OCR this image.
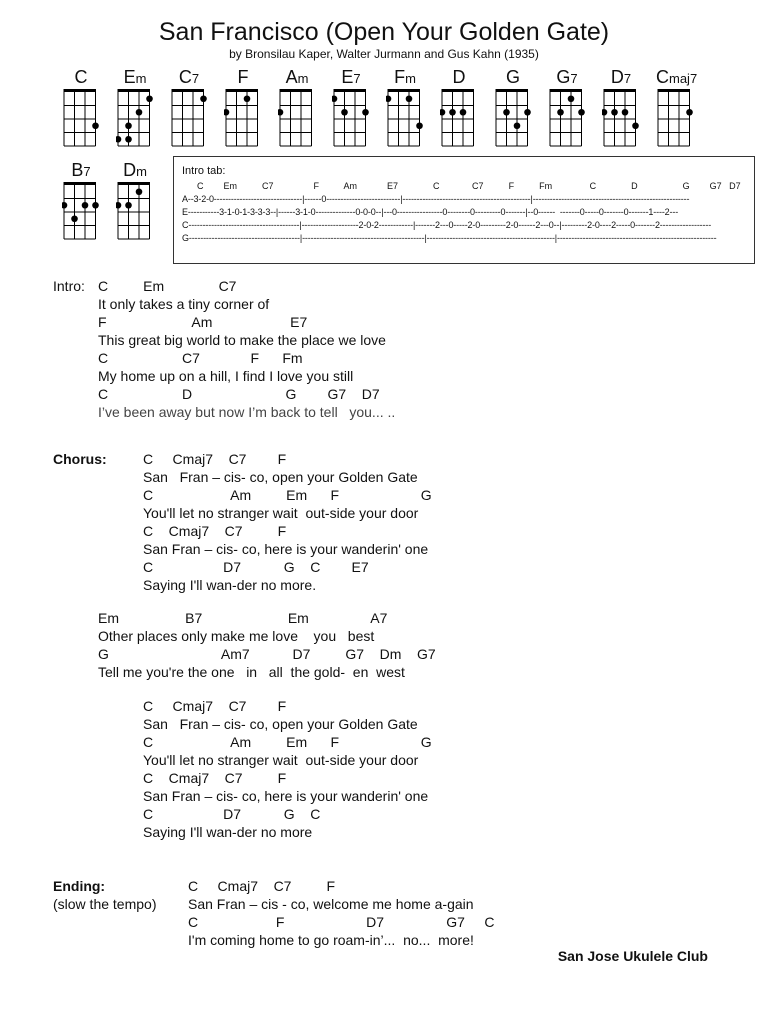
San Francisco (Open Your Golden Gate)
by Bronsilau Kaper, Walter Jurmann and Gus Kahn (1935)
C	Em	C7	F	Am	E7	Fm	D	G	G7	D7	Cmaj7
B7	Dm	Intro tab:
C        Em          C7                F          Am            E7              C             C7          F          Fm               C              D                  G        G7   D7
A--3-2-0-------------------------------|------0--------------------------|---------------------------------------------|-------------------------------------------------------
E-----------3-1-0-1-3-3-3--|------3-1-0--------------0-0-0--|---0----------------0--------0---------0-------|--0------  -------0-----0-------0-------1----2---
C---------------------------------------|--------------------2-0-2------------|-------2---0-----2-0---------2-0------2---0--|---------2-0----2-----0-------2------------------
G---------------------------------------|-------------------------------------------|---------------------------------------------|--------------------------------------------------------
Intro: C         Em              C7
It only takes a tiny corner of
F                      Am                    E7
This great big world to make the place we love
C                   C7             F      Fm
My home up on a hill, I find I love you still
C                   D                        G        G7    D7
I’ve been away but now I’m back to tell   you... ..
Chorus:	C     Cmaj7    C7        F
San   Fran – cis- co, open your Golden Gate
C                    Am         Em      F                     G
You'll let no stranger wait  out-side your door
C    Cmaj7    C7         F
San Fran – cis- co, here is your wanderin' one
C                  D7           G    C        E7
Saying I'll wan-der no more.
Em                 B7                      Em                A7
Other places only make me love    you   best
G                             Am7           D7         G7    Dm    G7
Tell me you're the one   in   all  the gold-  en  west
C     Cmaj7    C7        F
San   Fran – cis- co, open your Golden Gate
C                    Am         Em      F                     G
You'll let no stranger wait  out-side your door
C    Cmaj7    C7         F
San Fran – cis- co, here is your wanderin' one
C                  D7           G    C
Saying I'll wan-der no more
Ending:
(slow the tempo)
C     Cmaj7    C7         F
San Fran – cis - co, welcome me home a-gain
C                    F                     D7                G7     C
I'm coming home to go roam-in’...  no...  more!
San Jose Ukulele Club
